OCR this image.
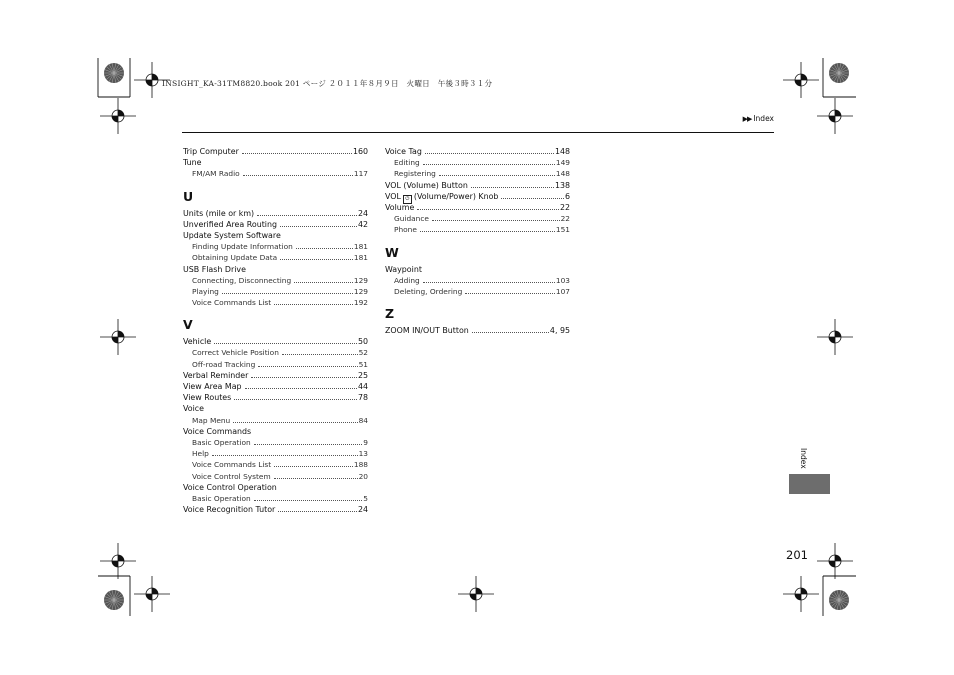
INSIGHT_KA-31TM8820.book 201 ページ ２０１１年８月９日　火曜日　午後３時３１分
▶▶ Index
Trip Computer	160
Tune
FM/AM Radio	117
U
Units (mile or km)	24
Unverified Area Routing	42
Update System Software
Finding Update Information	181
Obtaining Update Data	181
USB Flash Drive
Connecting, Disconnecting	129
Playing	129
Voice Commands List	192
V
Vehicle	50
Correct Vehicle Position	52
Off-road Tracking	51
Verbal Reminder	25
View Area Map	44
View Routes	78
Voice
Map Menu	84
Voice Commands
Basic Operation	9
Help	13
Voice Commands List	188
Voice Control System	20
Voice Control Operation
Basic Operation	5
Voice Recognition Tutor	24
Voice Tag	148
Editing	149
Registering	148
VOL (Volume) Button	138
VOL ⏻ (Volume/Power) Knob	6
Volume	22
Guidance	22
Phone	151
W
Waypoint
Adding	103
Deleting, Ordering	107
Z
ZOOM IN/OUT Button	4, 95
Index
201
